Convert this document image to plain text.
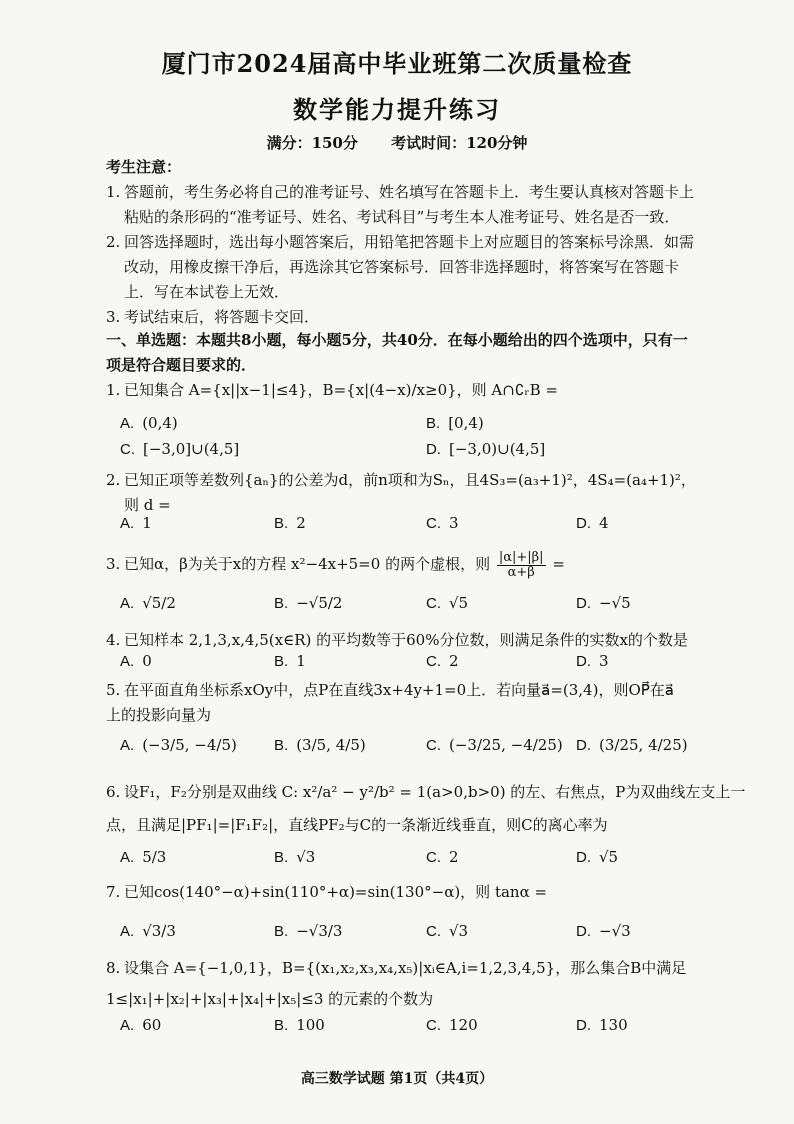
厦门市2024届高中毕业班第二次质量检查
数学能力提升练习
满分：150分 考试时间：120分钟
考生注意：
1. 答题前，考生务必将自己的准考证号、姓名填写在答题卡上．考生要认真核对答题卡上粘贴的条形码的“准考证号、姓名、考试科目”与考生本人准考证号、姓名是否一致．
2. 回答选择题时，选出每小题答案后，用铅笔把答题卡上对应题目的答案标号涂黑．如需改动，用橡皮擦干净后，再选涂其它答案标号．回答非选择题时，将答案写在答题卡上．写在本试卷上无效．
3. 考试结束后，将答题卡交回．
一、单选题：本题共8小题，每小题5分，共40分．在每小题给出的四个选项中，只有一
项是符合题目要求的．
1. 已知集合 A={x||x−1|≤4}，B={x|(4−x)/x≥0}，则 A∩∁ᵣB =
A. (0,4)	B. [0,4)
C. [−3,0]∪(4,5]	D. [−3,0)∪(4,5]
2. 已知正项等差数列{aₙ}的公差为d，前n项和为Sₙ，且4S₃=(a₃+1)²，4S₄=(a₄+1)²，
则 d =
A. 1	B. 2	C. 3	D. 4
3. 已知α，β为关于x的方程 x²−4x+5=0 的两个虚根，则 $\frac{|\alpha|+|\beta|}{\alpha+\beta}$ =
A. √5/2	B. −√5/2	C. √5	D. −√5
4. 已知样本 2,1,3,x,4,5(x∈R) 的平均数等于60%分位数，则满足条件的实数x的个数是
A. 0	B. 1	C. 2	D. 3
5. 在平面直角坐标系xOy中，点P在直线3x+4y+1=0上．若向量a⃗=(3,4)，则OP⃗在a⃗
上的投影向量为
A. (−3/5, −4/5) B. (3/5, 4/5)	C. (−3/25, −4/25) D. (3/25, 4/25)
6. 设F₁，F₂分别是双曲线 C: x²/a² − y²/b² = 1(a>0,b>0) 的左、右焦点，P为双曲线左支上一
点，且满足|PF₁|=|F₁F₂|，直线PF₂与C的一条渐近线垂直，则C的离心率为
A. 5/3	B. √3	C. 2	D. √5
7. 已知cos(140°−α)+sin(110°+α)=sin(130°−α)，则 tanα =
A. √3/3	B. −√3/3	C. √3	D. −√3
8. 设集合 A={−1,0,1}，B={(x₁,x₂,x₃,x₄,x₅)|xᵢ∈A,i=1,2,3,4,5}，那么集合B中满足
1≤|x₁|+|x₂|+|x₃|+|x₄|+|x₅|≤3 的元素的个数为
A. 60	B. 100	C. 120	D. 130
高三数学试题 第1页（共4页）
